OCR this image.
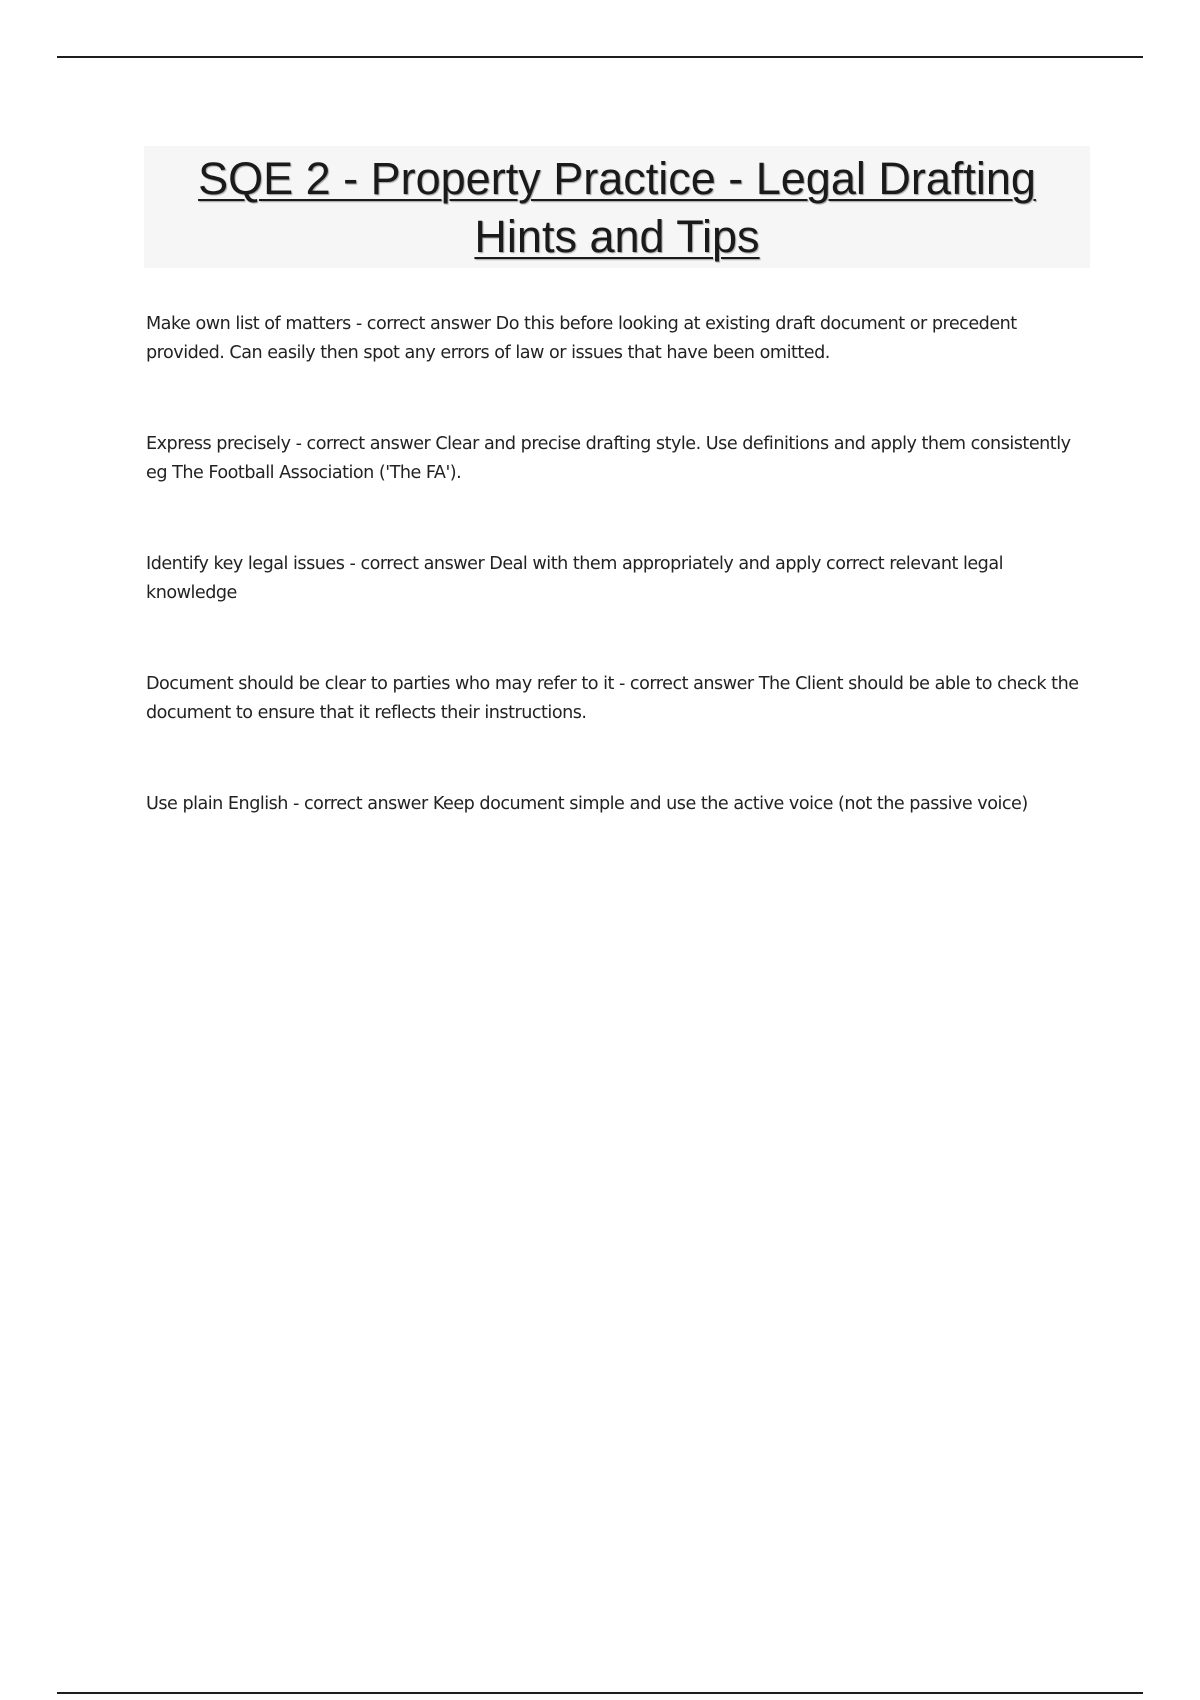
SQE 2 - Property Practice - Legal Drafting Hints and Tips

Make own list of matters - correct answer Do this before looking at existing draft document or precedent provided. Can easily then spot any errors of law or issues that have been omitted.

Express precisely - correct answer Clear and precise drafting style. Use definitions and apply them consistently eg The Football Association ('The FA').

Identify key legal issues - correct answer Deal with them appropriately and apply correct relevant legal knowledge

Document should be clear to parties who may refer to it - correct answer The Client should be able to check the document to ensure that it reflects their instructions.

Use plain English - correct answer Keep document simple and use the active voice (not the passive voice)
